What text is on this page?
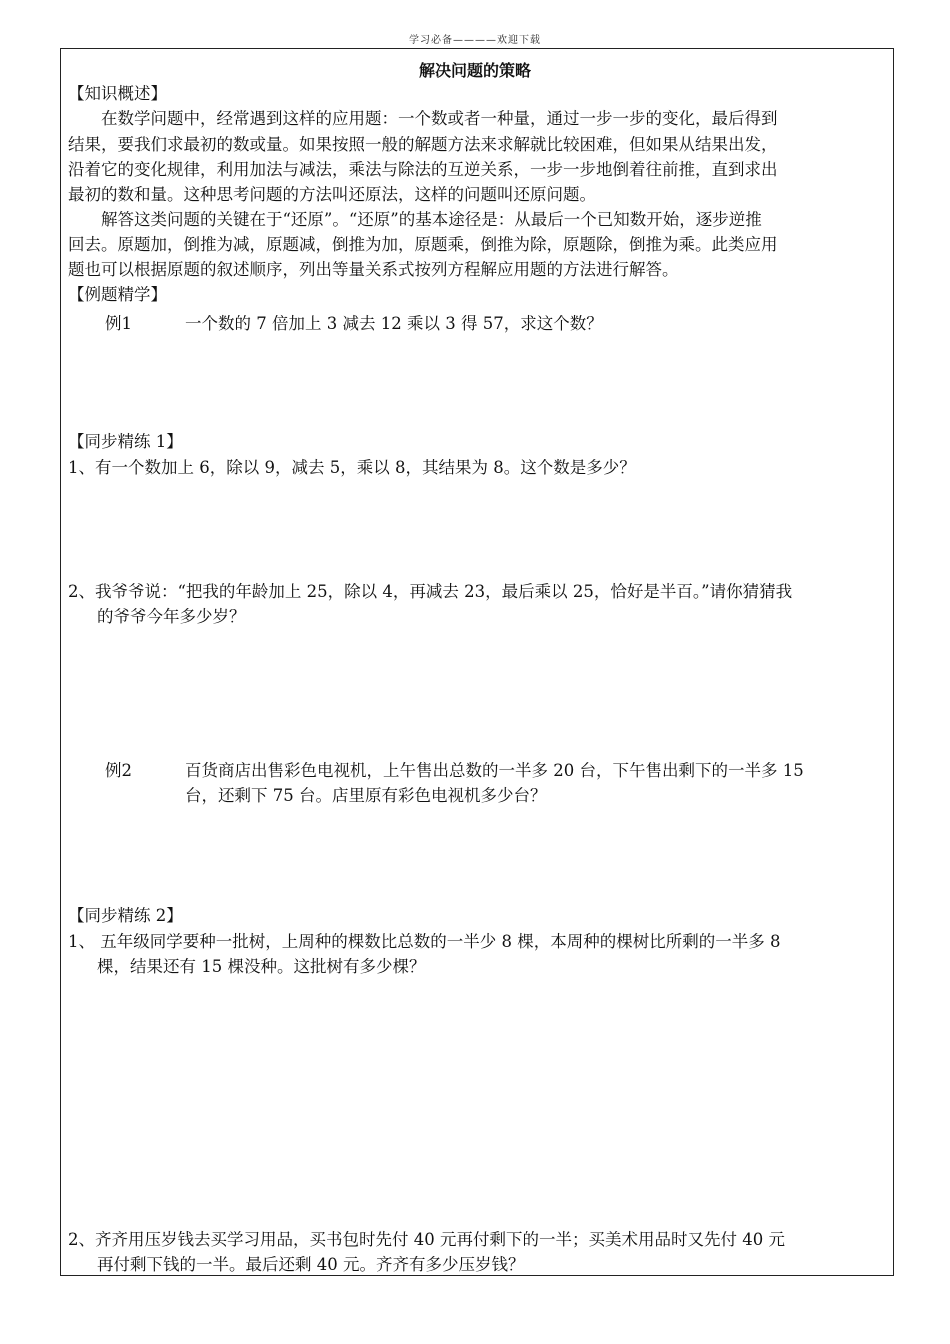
学习必备————欢迎下载
解决问题的策略
【知识概述】
在数学问题中，经常遇到这样的应用题：一个数或者一种量，通过一步一步的变化，最后得到
结果，要我们求最初的数或量。如果按照一般的解题方法来求解就比较困难，但如果从结果出发，
沿着它的变化规律，利用加法与减法，乘法与除法的互逆关系，一步一步地倒着往前推，直到求出
最初的数和量。这种思考问题的方法叫还原法，这样的问题叫还原问题。
解答这类问题的关键在于“还原”。“还原”的基本途径是：从最后一个已知数开始，逐步逆推
回去。原题加，倒推为减，原题减，倒推为加，原题乘，倒推为除，原题除，倒推为乘。此类应用
题也可以根据原题的叙述顺序，列出等量关系式按列方程解应用题的方法进行解答。
【例题精学】
例1	一个数的 7 倍加上 3 减去 12 乘以 3 得 57，求这个数？
【同步精练 1】
1、有一个数加上 6，除以 9，减去 5，乘以 8，其结果为 8。这个数是多少？
2、我爷爷说：“把我的年龄加上 25，除以 4，再减去 23，最后乘以 25，恰好是半百。”请你猜猜我
的爷爷今年多少岁？
例2	百货商店出售彩色电视机，上午售出总数的一半多 20 台，下午售出剩下的一半多 15
台，还剩下 75 台。店里原有彩色电视机多少台？
【同步精练 2】
1、 五年级同学要种一批树，上周种的棵数比总数的一半少 8 棵，本周种的棵树比所剩的一半多 8
棵，结果还有 15 棵没种。这批树有多少棵？
2、齐齐用压岁钱去买学习用品，买书包时先付 40 元再付剩下的一半；买美术用品时又先付 40 元
再付剩下钱的一半。最后还剩 40 元。齐齐有多少压岁钱？
